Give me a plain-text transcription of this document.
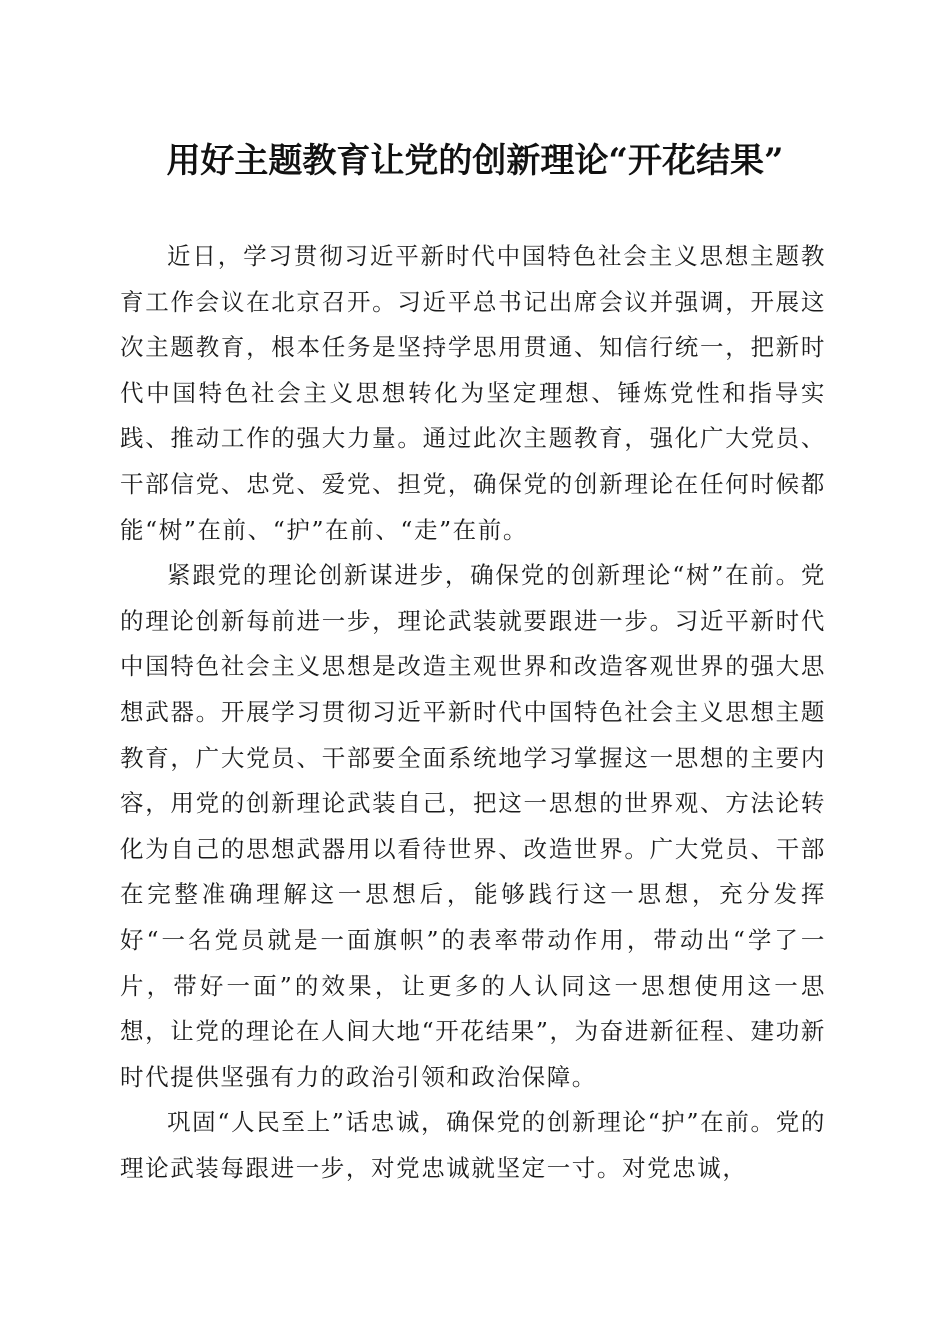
用好主题教育让党的创新理论“开花结果”

近日，学习贯彻习近平新时代中国特色社会主义思想主题教育工作会议在北京召开。习近平总书记出席会议并强调，开展这次主题教育，根本任务是坚持学思用贯通、知信行统一，把新时代中国特色社会主义思想转化为坚定理想、锤炼党性和指导实践、推动工作的强大力量。通过此次主题教育，强化广大党员、干部信党、忠党、爱党、担党，确保党的创新理论在任何时候都能“树”在前、“护”在前、“走”在前。

紧跟党的理论创新谋进步，确保党的创新理论“树”在前。党的理论创新每前进一步，理论武装就要跟进一步。习近平新时代中国特色社会主义思想是改造主观世界和改造客观世界的强大思想武器。开展学习贯彻习近平新时代中国特色社会主义思想主题教育，广大党员、干部要全面系统地学习掌握这一思想的主要内容，用党的创新理论武装自己，把这一思想的世界观、方法论转化为自己的思想武器用以看待世界、改造世界。广大党员、干部在完整准确理解这一思想后，能够践行这一思想，充分发挥好“一名党员就是一面旗帜”的表率带动作用，带动出“学了一片，带好一面”的效果，让更多的人认同这一思想使用这一思想，让党的理论在人间大地“开花结果”，为奋进新征程、建功新时代提供坚强有力的政治引领和政治保障。

巩固“人民至上”话忠诚，确保党的创新理论“护”在前。党的理论武装每跟进一步，对党忠诚就坚定一寸。对党忠诚，
